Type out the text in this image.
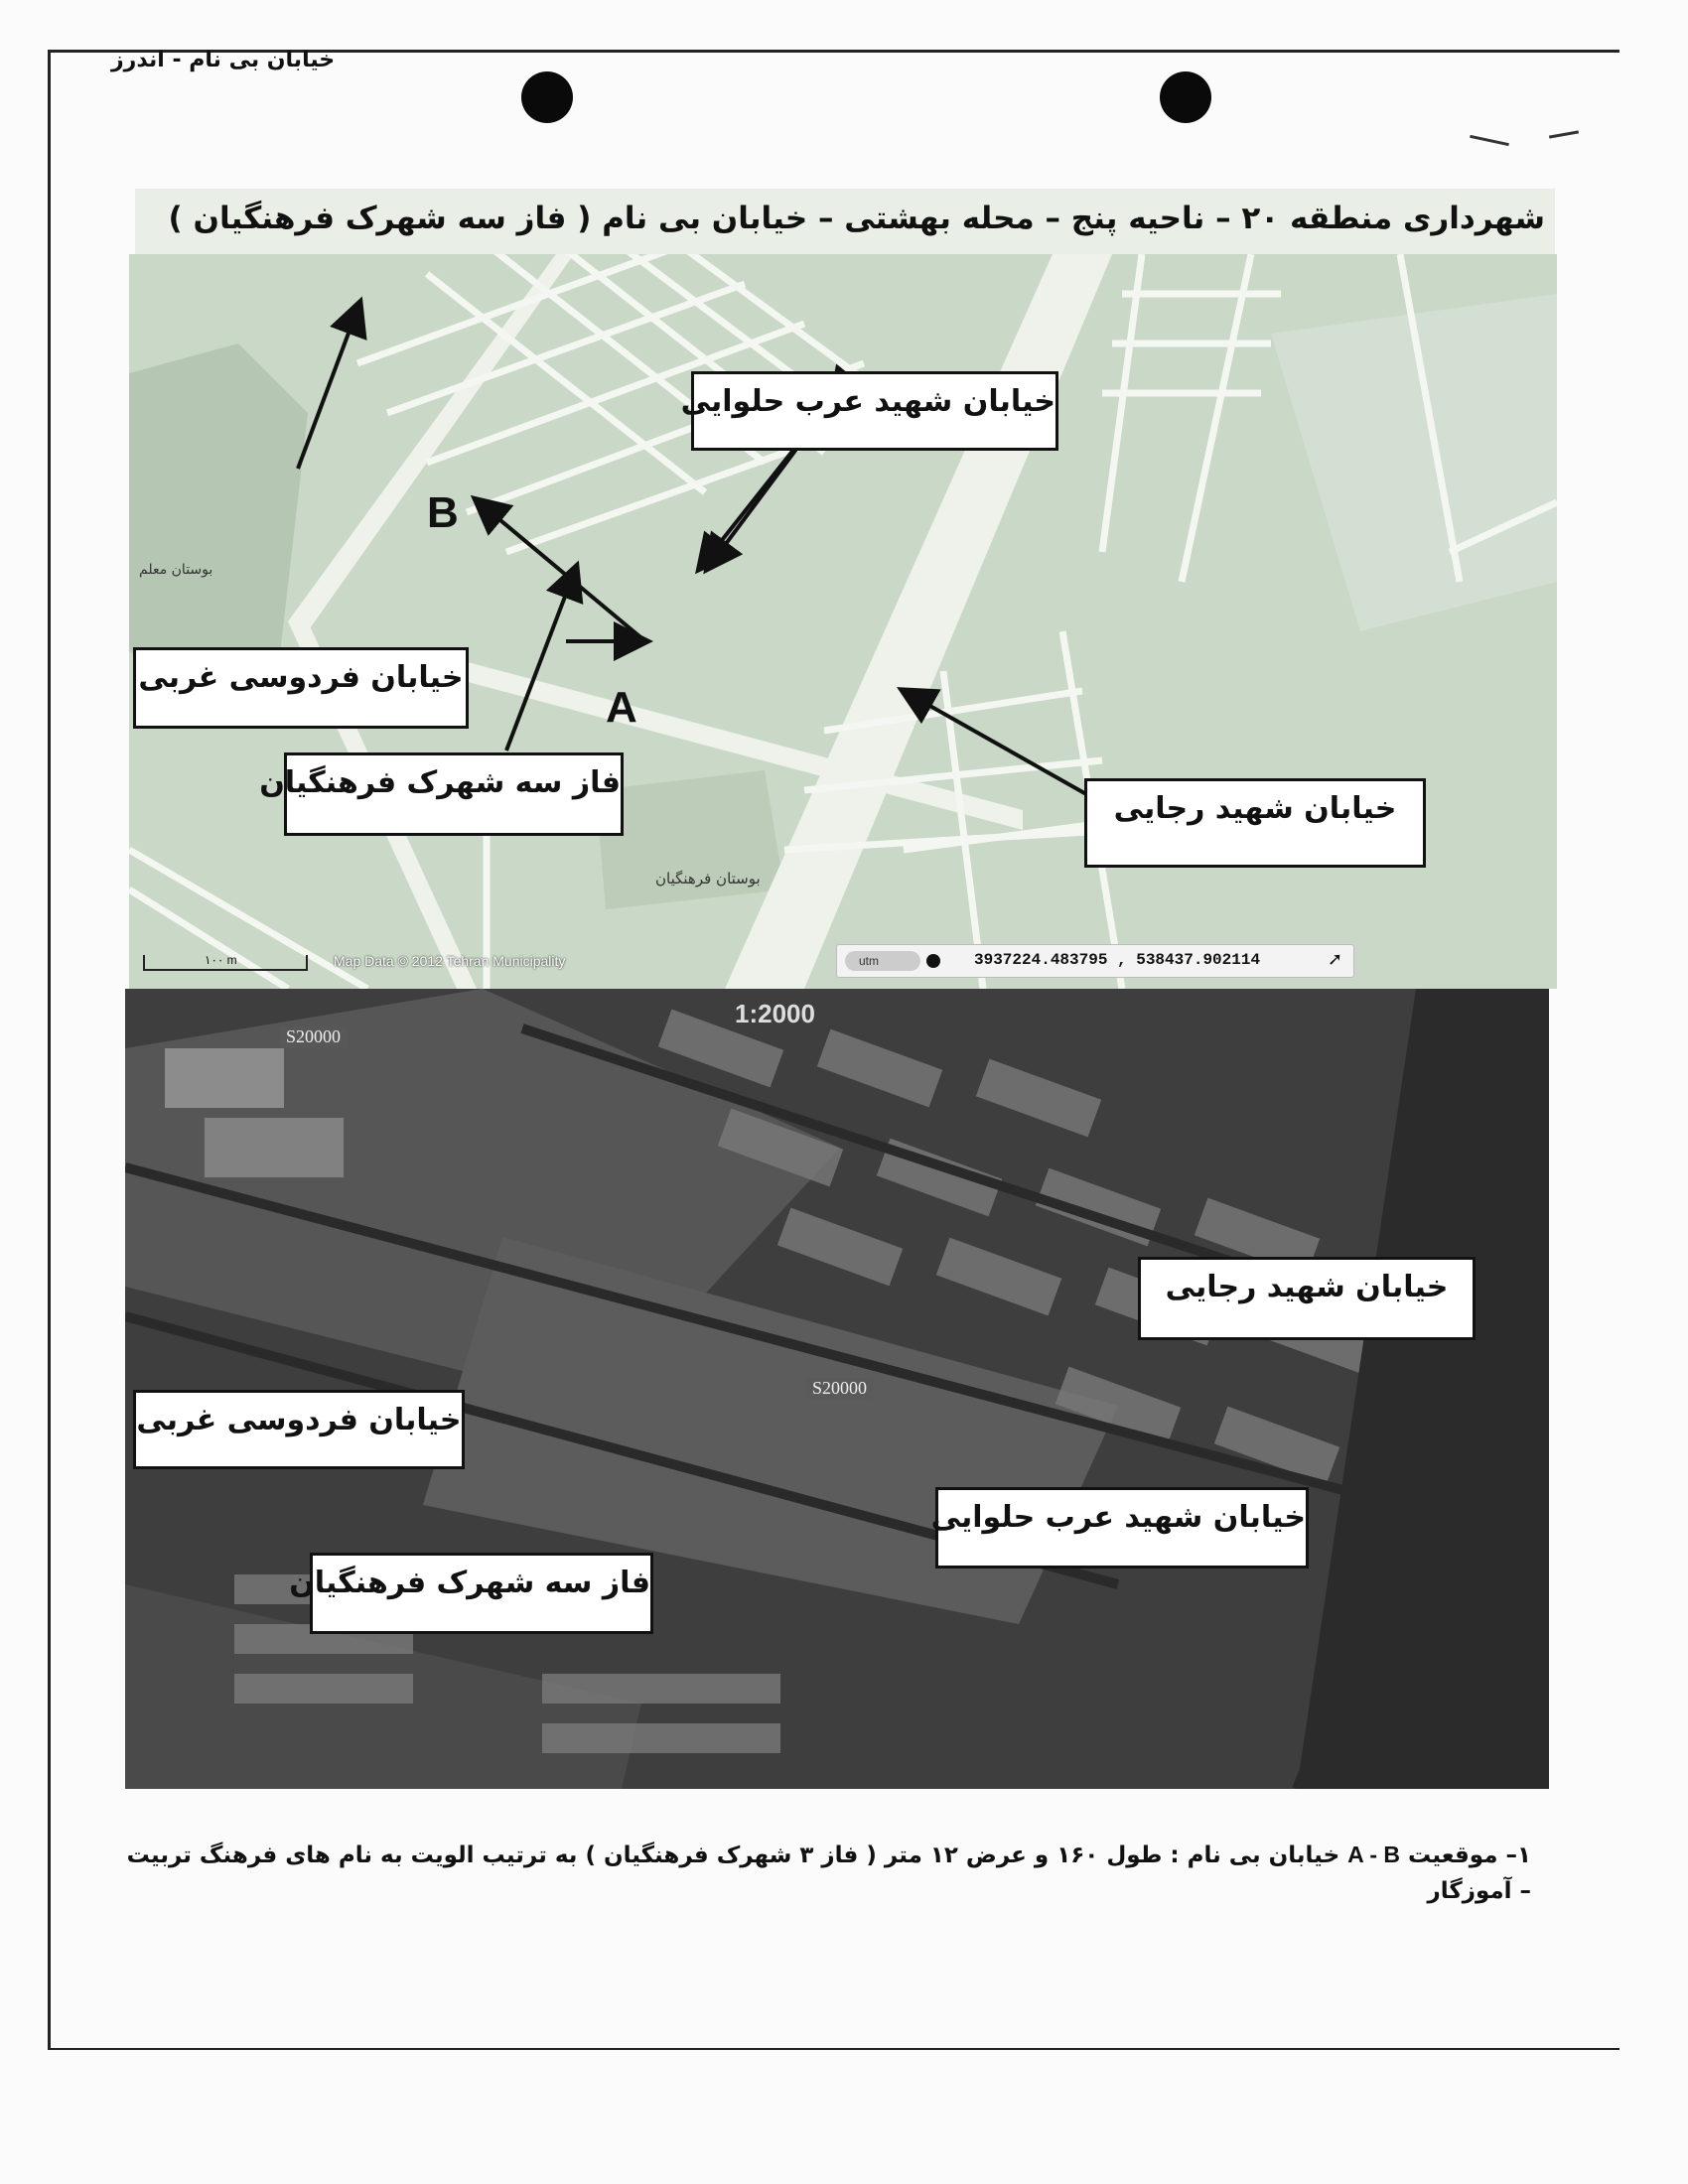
خیابان بی نام - اندرز
شهرداری منطقه ۲۰ – ناحیه پنج – محله بهشتی – خیابان بی نام ( فاز سه شهرک فرهنگیان )
خیابان شهید عرب حلوایی
خیابان فردوسی غربی
فاز سه شهرک فرهنگیان
خیابان شهید رجایی
A
B
بوستان معلم
بوستان فرهنگیان
۱۰۰ m	Map Data © 2012 Tehran Municipality	utm	3937224.483795 , 538437.902114	➚
خیابان شهید رجایی
خیابان فردوسی غربی
خیابان شهید عرب حلوایی
فاز سه شهرک فرهنگیان
1:2000
S20000
S20000
۱– موقعیت A - B خیابان بی نام : طول ۱۶۰ و عرض ۱۲ متر ( فاز ۳ شهرک فرهنگیان ) به ترتیب الویت به نام های فرهنگ تربیت – آموزگار
